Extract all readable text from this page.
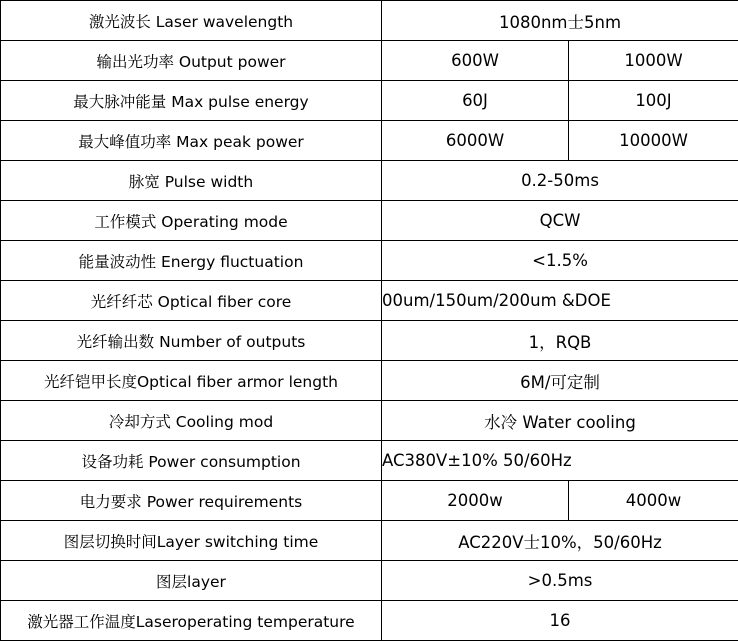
激光波长 Laser wavelength	1080nm士5nm	
输出光功率 Output power	600W	1000W
最大脉冲能量 Max pulse energy	60J	100J
最大峰值功率 Max peak power	6000W	10000W
脉宽 Pulse width	0.2-50ms	
工作模式 Operating mode	QCW	
能量波动性 Energy fluctuation	<1.5%	
光纤纤芯 Optical fiber core	00um/150um/200um &DOE	
光纤输出数 Number of outputs	1，RQB	
光纤铠甲长度Optical fiber armor length	6M/可定制	
冷却方式 Cooling mod	水冷 Water cooling	
设备功耗 Power consumption	AC380V±10% 50/60Hz	
电力要求 Power requirements	2000w	4000w
图层切换时间Layer switching time	AC220V士10%，50/60Hz	
图层layer	>0.5ms	
激光器工作温度Laseroperating temperature	16	
